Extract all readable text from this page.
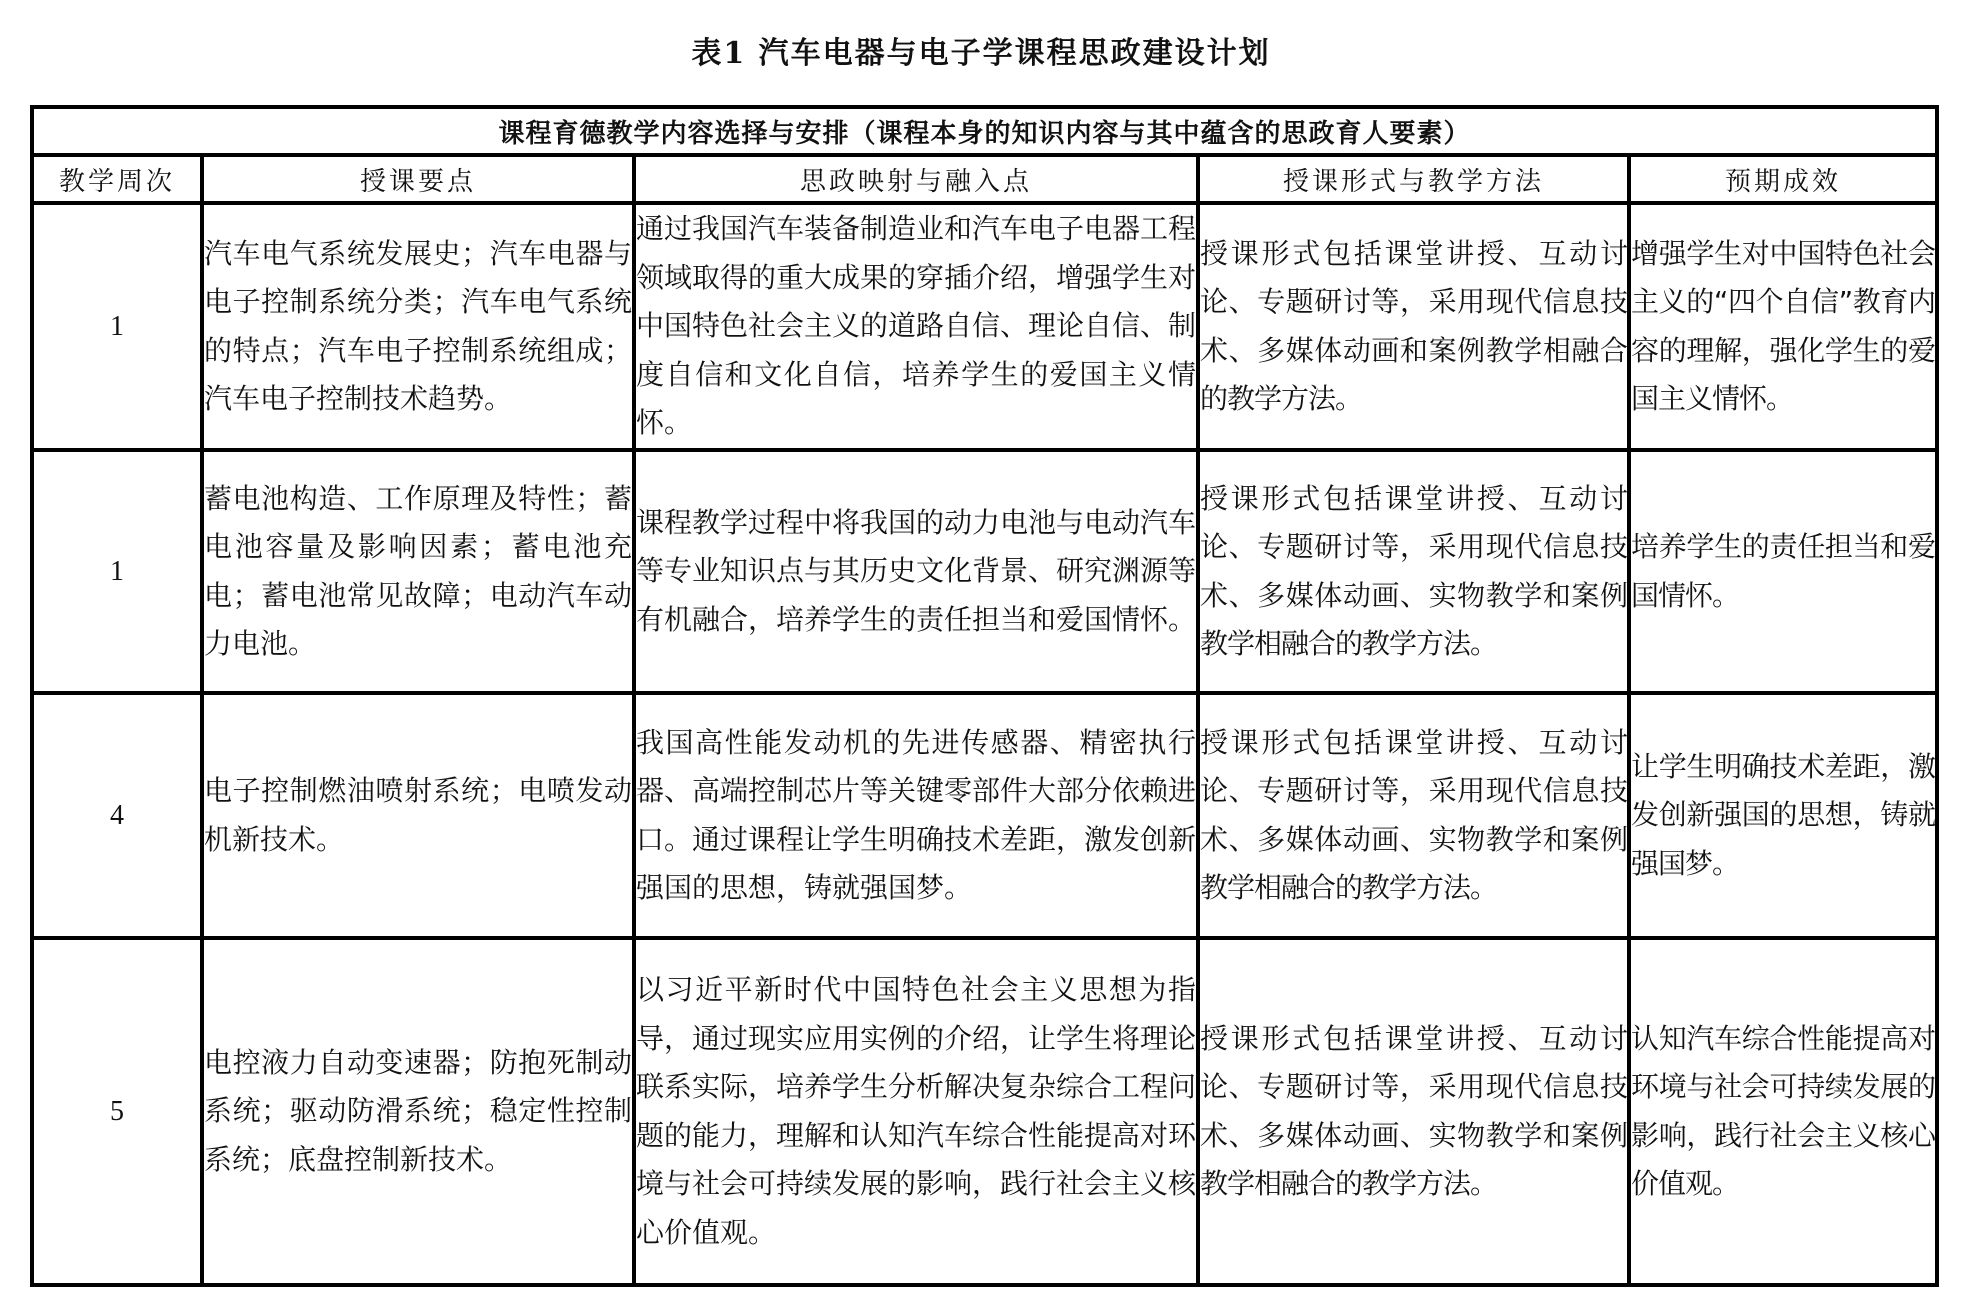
表1 汽车电器与电子学课程思政建设计划
课程育德教学内容选择与安排（课程本身的知识内容与其中蕴含的思政育人要素）				
教学周次	授课要点	思政映射与融入点	授课形式与教学方法	预期成效
1	汽车电气系统发展史；汽车电器与电子控制系统分类；汽车电气系统的特点；汽车电子控制系统组成；汽车电子控制技术趋势。	通过我国汽车装备制造业和汽车电子电器工程领域取得的重大成果的穿插介绍，增强学生对中国特色社会主义的道路自信、理论自信、制度自信和文化自信，培养学生的爱国主义情怀。	授课形式包括课堂讲授、互动讨论、专题研讨等，采用现代信息技术、多媒体动画和案例教学相融合的教学方法。	增强学生对中国特色社会主义的“四个自信”教育内容的理解，强化学生的爱国主义情怀。
1	蓄电池构造、工作原理及特性；蓄电池容量及影响因素；蓄电池充电；蓄电池常见故障；电动汽车动力电池。	课程教学过程中将我国的动力电池与电动汽车等专业知识点与其历史文化背景、研究渊源等有机融合，培养学生的责任担当和爱国情怀。	授课形式包括课堂讲授、互动讨论、专题研讨等，采用现代信息技术、多媒体动画、实物教学和案例教学相融合的教学方法。	培养学生的责任担当和爱国情怀。
4	电子控制燃油喷射系统；电喷发动机新技术。	我国高性能发动机的先进传感器、精密执行器、高端控制芯片等关键零部件大部分依赖进口。通过课程让学生明确技术差距，激发创新强国的思想，铸就强国梦。	授课形式包括课堂讲授、互动讨论、专题研讨等，采用现代信息技术、多媒体动画、实物教学和案例教学相融合的教学方法。	让学生明确技术差距，激发创新强国的思想，铸就强国梦。
5	电控液力自动变速器；防抱死制动系统；驱动防滑系统；稳定性控制系统；底盘控制新技术。	以习近平新时代中国特色社会主义思想为指导，通过现实应用实例的介绍，让学生将理论联系实际，培养学生分析解决复杂综合工程问题的能力，理解和认知汽车综合性能提高对环境与社会可持续发展的影响，践行社会主义核心价值观。	授课形式包括课堂讲授、互动讨论、专题研讨等，采用现代信息技术、多媒体动画、实物教学和案例教学相融合的教学方法。	认知汽车综合性能提高对环境与社会可持续发展的影响，践行社会主义核心价值观。
